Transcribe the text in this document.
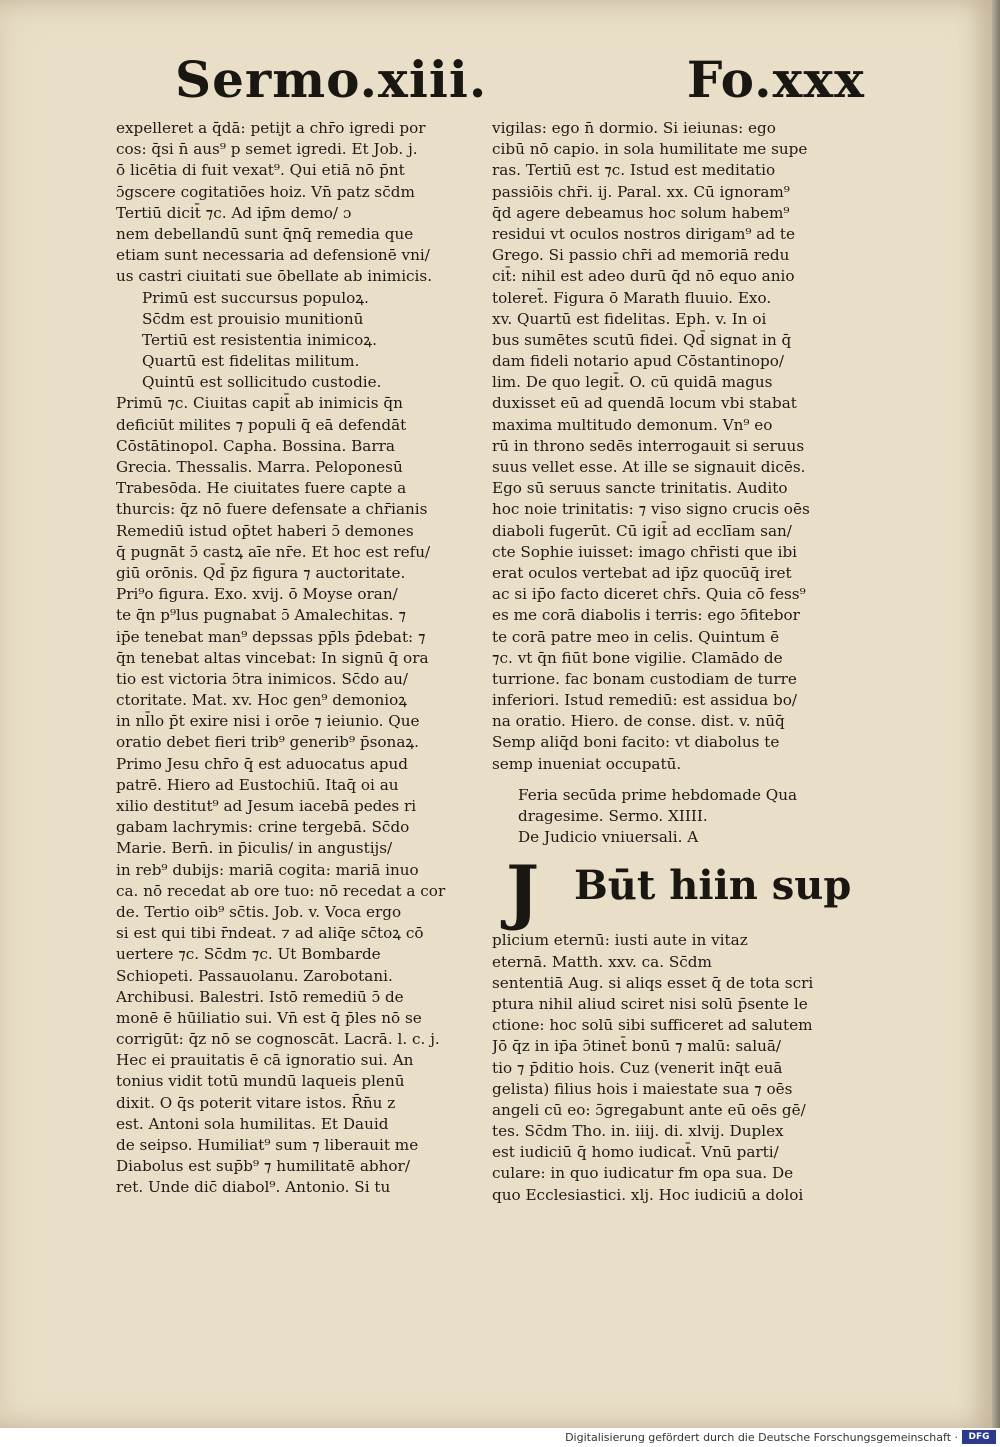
Sermo.xiii.	Fo.xxx
expelleret a q̄dā: petijt a chr̄o igredi por
cos: q̄si n̄ aus⁹ p semet igredi. Et Job. j.
ō licētia di fuit vexat⁹. Qui etiā nō p̄nt
ɔ̄gscere cogitatiōes hoiz. Vn̄ patz sc̄dm
Tertiū dicit̄ ⁊c. Ad ip̄m demo/ ɔ
nem debellandū sunt q̄nq̄ remedia que
etiam sunt necessaria ad defensionē vni/
us castri ciuitati sue ōbellate ab inimicis.
Primū est succursus populoꝝ.
Sc̄dm est prouisio munitionū
Tertiū est resistentia inimicoꝝ.
Quartū est fidelitas militum.
Quintū est sollicitudo custodie.
Primū ⁊c. Ciuitas capit̄ ab inimicis q̄n
deficiūt milites ⁊ populi q̄ eā defendāt
Cōstātinopol. Capha. Bossina. Barra
Grecia. Thessalis. Marra. Peloponesū
Trabesōda. He ciuitates fuere capte a
thurcis: q̄z nō fuere defensate a chr̄ianis
Remediū istud op̄tet haberi ɔ̄ demones
q̄ pugnāt ɔ̄ castꝝ aīe nr̄e. Et hoc est refu/
giū orōnis. Qd̄ p̄z figura ⁊ auctoritate.
Pri⁹o figura. Exo. xvij. ō Moyse oran/
te q̄n p⁹lus pugnabat ɔ̄ Amalechitas. ⁊
ip̄e tenebat man⁹ depssas pp̄ls p̄debat: ⁊
q̄n tenebat altas vincebat: In signū q̄ ora
tio est victoria ɔ̄tra inimicos. Sc̄do au/
ctoritate. Mat. xv. Hoc gen⁹ demonioꝝ
in nl̄lo p̄t exire nisi i orōe ⁊ ieiunio. Que
oratio debet fieri trib⁹ generib⁹ p̄sonaꝝ.
Primo Jesu chr̄o q̄ est aduocatus apud
patrē. Hiero ad Eustochiū. Itaq̄ oi au
xilio destitut⁹ ad Jesum iacebā pedes ri
gabam lachrymis: crine tergebā. Sc̄do
Marie. Bern̄. in p̄iculis/ in angustijs/
in reb⁹ dubijs: mariā cogita: mariā inuo
ca. nō recedat ab ore tuo: nō recedat a cor
de. Tertio oib⁹ sc̄tis. Job. v. Voca ergo
si est qui tibi r̄ndeat. ⁊ ad aliq̄e sc̄toꝝ cō
uertere ⁊c. Sc̄dm ⁊c. Ut Bombarde
Schiopeti. Passauolanu. Zarobotani.
Archibusi. Balestri. Istō remediū ɔ̄ de
monē ē hūiliatio sui. Vn̄ est q̄ p̄les nō se
corrigūt: q̄z nō se cognoscāt. Lacrā. l. c. j.
Hec ei prauitatis ē cā ignoratio sui. An
tonius vidit totū mundū laqueis plenū
dixit. O q̄s poterit vitare istos. R̄n̄u z
est. Antoni sola humilitas. Et Dauid
de seipso. Humiliat⁹ sum ⁊ liberauit me
Diabolus est sup̄b⁹ ⁊ humilitatē abhor/
ret. Unde dic̄ diabol⁹. Antonio. Si tu
vigilas: ego n̄ dormio. Si ieiunas: ego
cibū nō capio. in sola humilitate me supe
ras. Tertiū est ⁊c. Istud est meditatio
passiōis chr̄i. ij. Paral. xx. Cū ignoram⁹
q̄d agere debeamus hoc solum habem⁹
residui vt oculos nostros dirigam⁹ ad te
Grego. Si passio chr̄i ad memoriā redu
cit̄: nihil est adeo durū q̄d nō equo anio
toleret̄. Figura ō Marath fluuio. Exo.
xv. Quartū est fidelitas. Eph. v. In oi
bus sumētes scutū fidei. Qd̄ signat in q̄
dam fideli notario apud Cōstantinopo/
lim. De quo legit̄. O. cū quidā magus
duxisset eū ad quendā locum vbi stabat
maxima multitudo demonum. Vn⁹ eo
rū in throno sedēs interrogauit si seruus
suus vellet esse. At ille se signauit dicēs.
Ego sū seruus sancte trinitatis. Audito
hoc noie trinitatis: ⁊ viso signo crucis oēs
diaboli fugerūt. Cū igit̄ ad ecclīam san/
cte Sophie iuisset: imago chr̄isti que ibi
erat oculos vertebat ad ip̄z quocūq̄ iret
ac si ip̄o facto diceret chr̄s. Quia cō fess⁹
es me corā diabolis i terris: ego ɔ̄fitebor
te corā patre meo in celis. Quintum ē
⁊c. vt q̄n fiūt bone vigilie. Clamādo de
turrione. fac bonam custodiam de turre
inferiori. Istud remediū: est assidua bo/
na oratio. Hiero. de conse. dist. v. nūq̄
Semp aliq̄d boni facito: vt diabolus te
semp inueniat occupatū.
Feria secūda prime hebdomade Qua
dragesime. Sermo. XIIII.
De Judicio vniuersali. A
J Būt hiin sup
plicium eternū: iusti aute in vitaz
eternā. Matth. xxv. ca. Sc̄dm
sententiā Aug. si aliqs esset q̄ de tota scri
ptura nihil aliud sciret nisi solū p̄sente le
ctione: hoc solū sibi sufficeret ad salutem
Jō q̄z in ip̄a ɔ̄tinet̄ bonū ⁊ malū: saluā/
tio ⁊ p̄ditio hois. Cuz (venerit inq̄t euā
gelista) filius hois i maiestate sua ⁊ oēs
angeli cū eo: ɔ̄gregabunt ante eū oēs gē/
tes. Sc̄dm Tho. in. iiij. di. xlvij. Duplex
est iudiciū q̄ homo iudicat̄. Vnū parti/
culare: in quo iudicatur fm opa sua. De
quo Ecclesiastici. xlj. Hoc iudiciū a doloi
Digitalisierung gefördert durch die Deutsche Forschungsgemeinschaft ·	DFG
